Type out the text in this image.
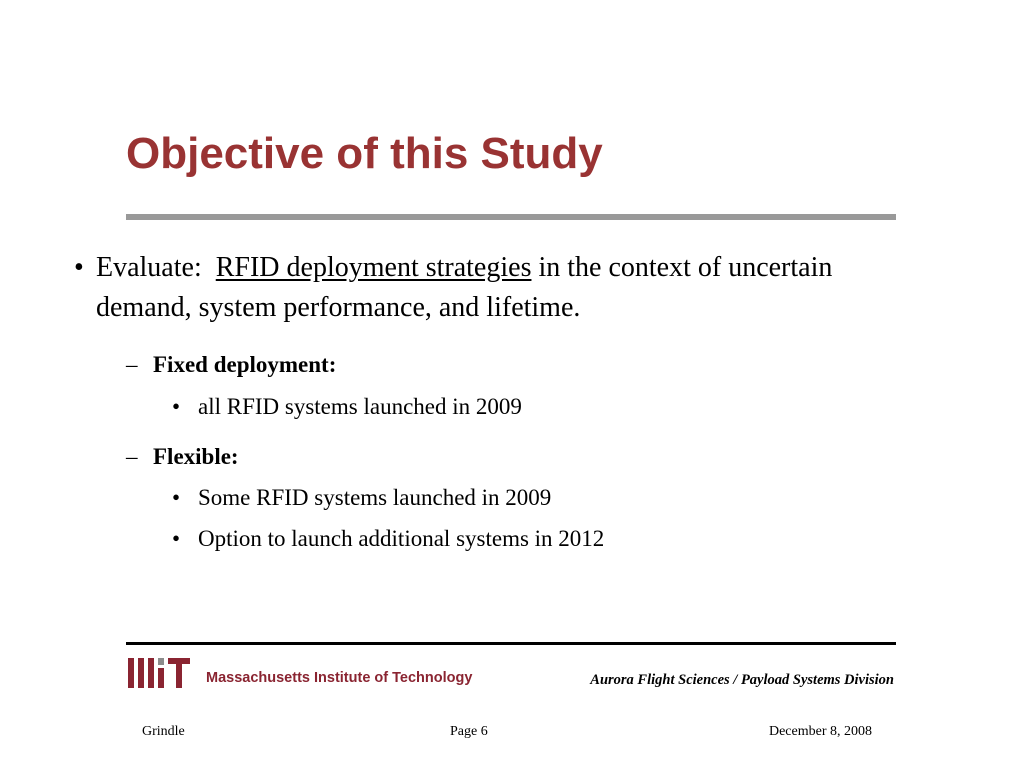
Objective of this Study
• Evaluate: RFID deployment strategies in the context of uncertain demand, system performance, and lifetime.
– Fixed deployment:
• all RFID systems launched in 2009
– Flexible:
• Some RFID systems launched in 2009
• Option to launch additional systems in 2012
Massachusetts Institute of Technology	Aurora Flight Sciences / Payload Systems Division
Grindle	Page 6	December 8, 2008
